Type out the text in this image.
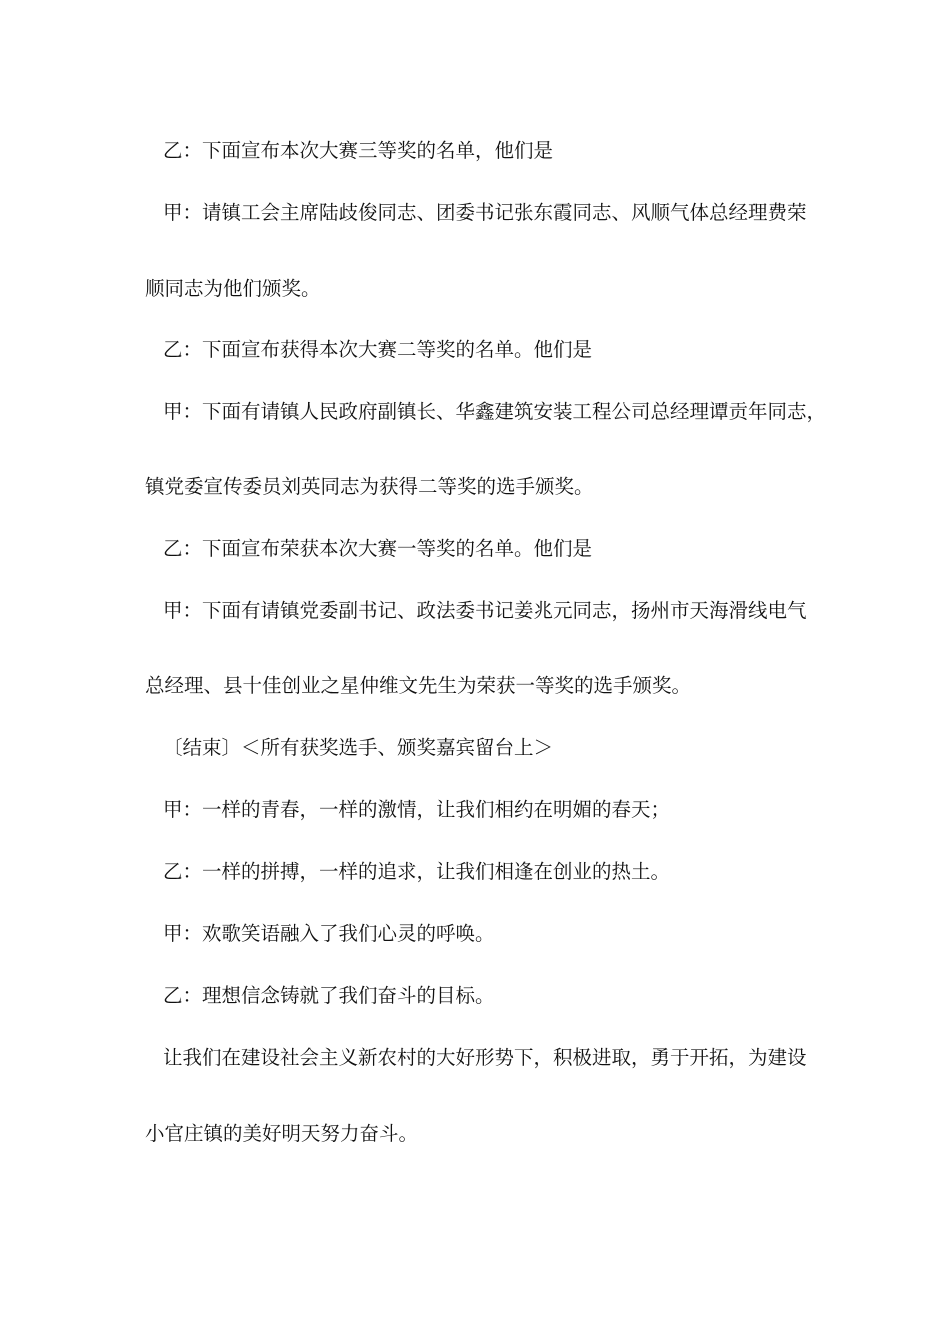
乙：下面宣布本次大赛三等奖的名单，他们是
甲：请镇工会主席陆歧俊同志、团委书记张东霞同志、风顺气体总经理费荣
顺同志为他们颁奖。
乙：下面宣布获得本次大赛二等奖的名单。他们是
甲：下面有请镇人民政府副镇长、华鑫建筑安装工程公司总经理谭贡年同志，
镇党委宣传委员刘英同志为获得二等奖的选手颁奖。
乙：下面宣布荣获本次大赛一等奖的名单。他们是
甲：下面有请镇党委副书记、政法委书记姜兆元同志，扬州市天海滑线电气
总经理、县十佳创业之星仲维文先生为荣获一等奖的选手颁奖。
〔结束〕＜所有获奖选手、颁奖嘉宾留台上＞
甲：一样的青春，一样的激情，让我们相约在明媚的春天；
乙：一样的拼搏，一样的追求，让我们相逢在创业的热土。
甲：欢歌笑语融入了我们心灵的呼唤。
乙：理想信念铸就了我们奋斗的目标。
让我们在建设社会主义新农村的大好形势下，积极进取，勇于开拓，为建设
小官庄镇的美好明天努力奋斗。
